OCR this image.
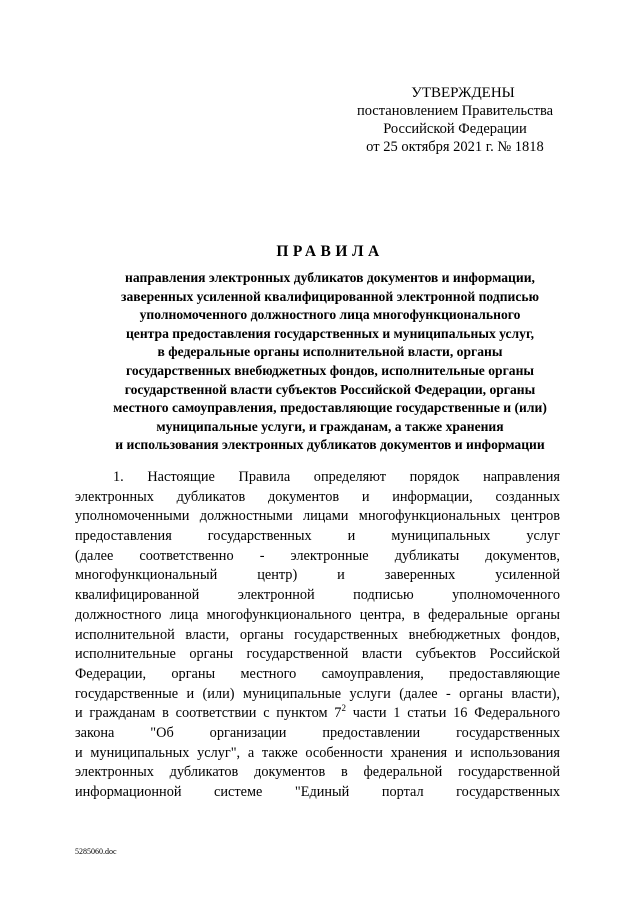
УТВЕРЖДЕНЫ
постановлением Правительства
Российской Федерации
от 25 октября 2021 г. № 1818
ПРАВИЛА
направления электронных дубликатов документов и информации,
заверенных усиленной квалифицированной электронной подписью
уполномоченного должностного лица многофункционального
центра предоставления государственных и муниципальных услуг,
в федеральные органы исполнительной власти, органы
государственных внебюджетных фондов, исполнительные органы
государственной власти субъектов Российской Федерации, органы
местного самоуправления, предоставляющие государственные и (или)
муниципальные услуги, и гражданам, а также хранения
и использования электронных дубликатов документов и информации
1. Настоящие Правила определяют порядок направления
электронных дубликатов документов и информации, созданных
уполномоченными должностными лицами многофункциональных центров
предоставления государственных и муниципальных услуг
(далее соответственно - электронные дубликаты документов,
многофункциональный центр) и заверенных усиленной
квалифицированной электронной подписью уполномоченного
должностного лица многофункционального центра, в федеральные органы
исполнительной власти, органы государственных внебюджетных фондов,
исполнительные органы государственной власти субъектов Российской
Федерации, органы местного самоуправления, предоставляющие
государственные и (или) муниципальные услуги (далее - органы власти),
и гражданам в соответствии с пунктом $7^2$ части 1 статьи 16 Федерального
закона "Об организации предоставлении государственных
и муниципальных услуг", а также особенности хранения и использования
электронных дубликатов документов в федеральной государственной
информационной системе "Единый портал государственных
5285060.doc
